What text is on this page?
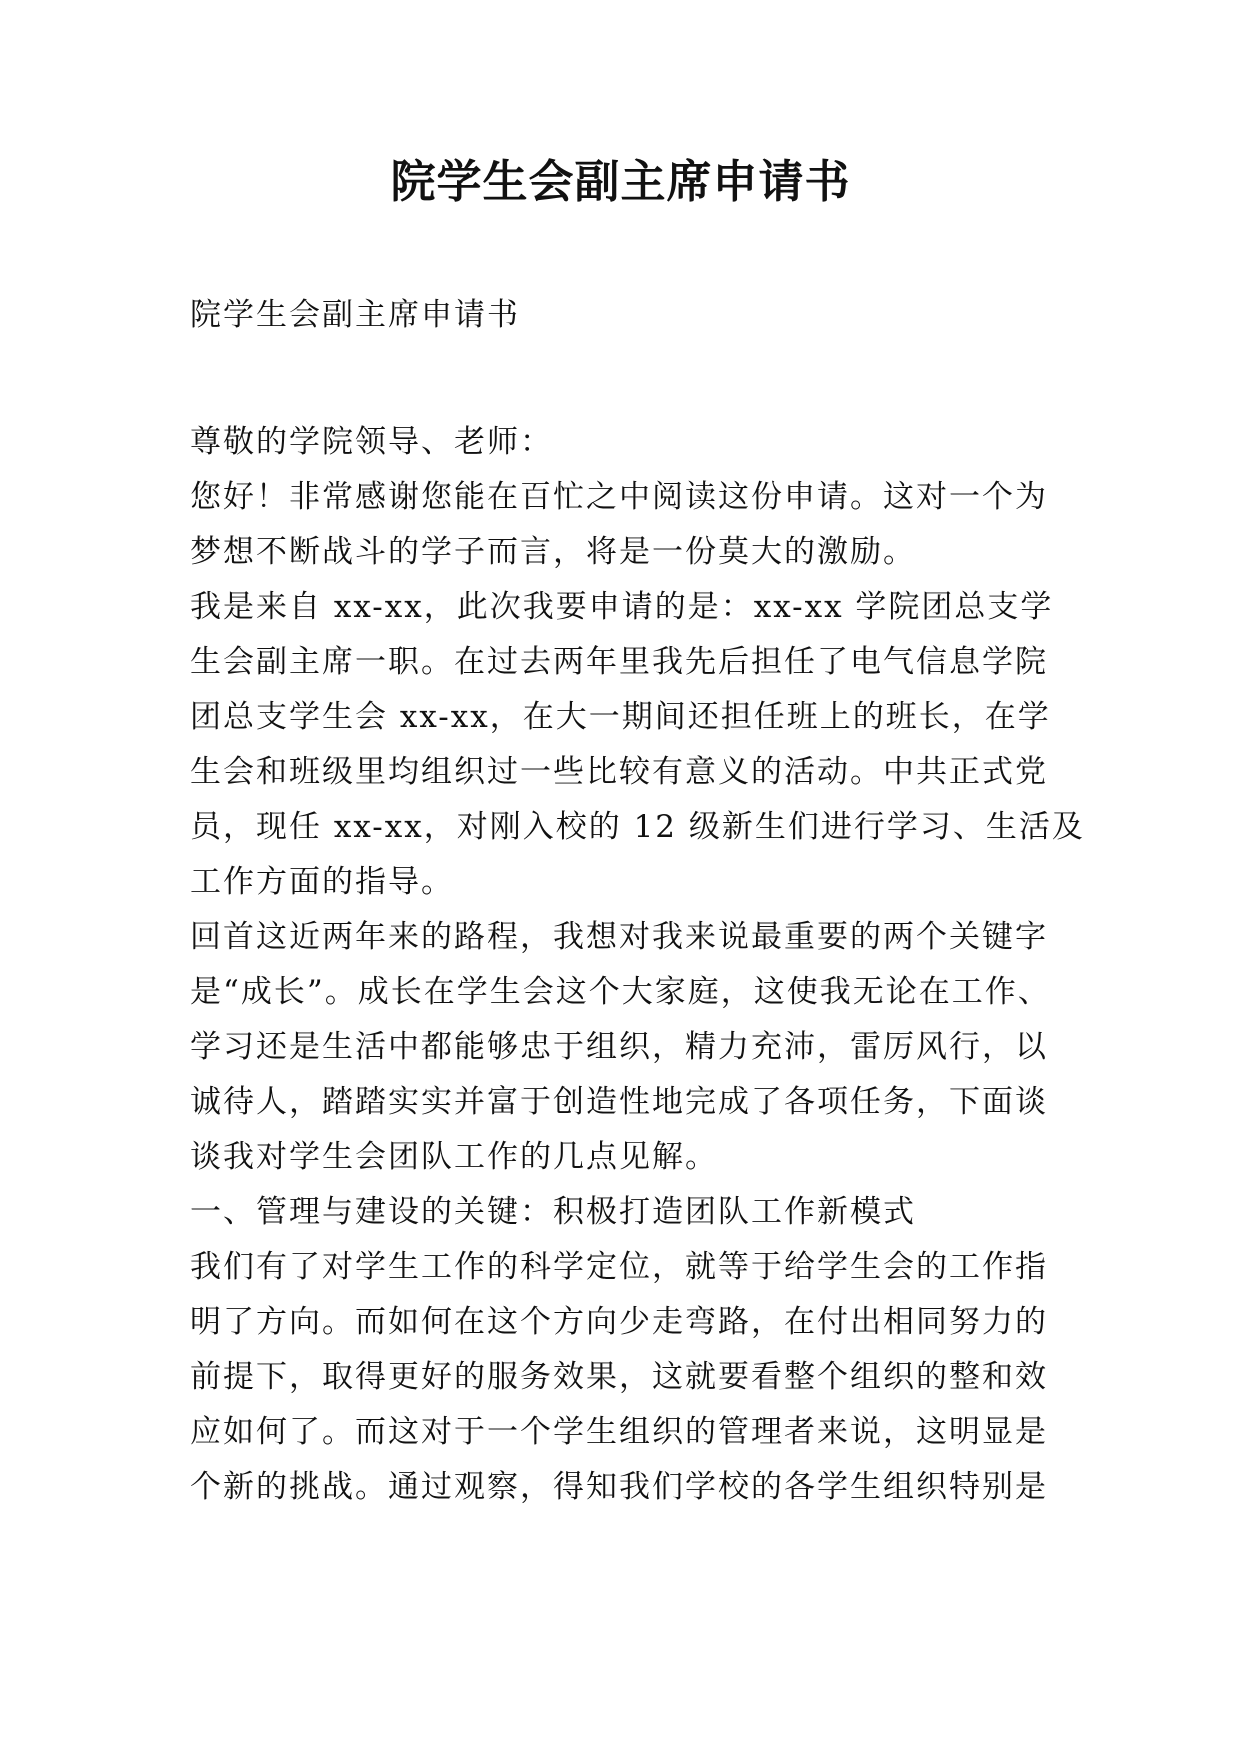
院学生会副主席申请书
院学生会副主席申请书
尊敬的学院领导、老师：
您好！非常感谢您能在百忙之中阅读这份申请。这对一个为
梦想不断战斗的学子而言，将是一份莫大的激励。
我是来自 xx-xx，此次我要申请的是：xx-xx 学院团总支学
生会副主席一职。在过去两年里我先后担任了电气信息学院
团总支学生会 xx-xx，在大一期间还担任班上的班长，在学
生会和班级里均组织过一些比较有意义的活动。中共正式党
员，现任 xx-xx，对刚入校的 12 级新生们进行学习、生活及
工作方面的指导。
回首这近两年来的路程，我想对我来说最重要的两个关键字
是“成长”。成长在学生会这个大家庭，这使我无论在工作、
学习还是生活中都能够忠于组织，精力充沛，雷厉风行，以
诚待人，踏踏实实并富于创造性地完成了各项任务，下面谈
谈我对学生会团队工作的几点见解。
一、管理与建设的关键：积极打造团队工作新模式
我们有了对学生工作的科学定位，就等于给学生会的工作指
明了方向。而如何在这个方向少走弯路，在付出相同努力的
前提下，取得更好的服务效果，这就要看整个组织的整和效
应如何了。而这对于一个学生组织的管理者来说，这明显是
个新的挑战。通过观察，得知我们学校的各学生组织特别是
